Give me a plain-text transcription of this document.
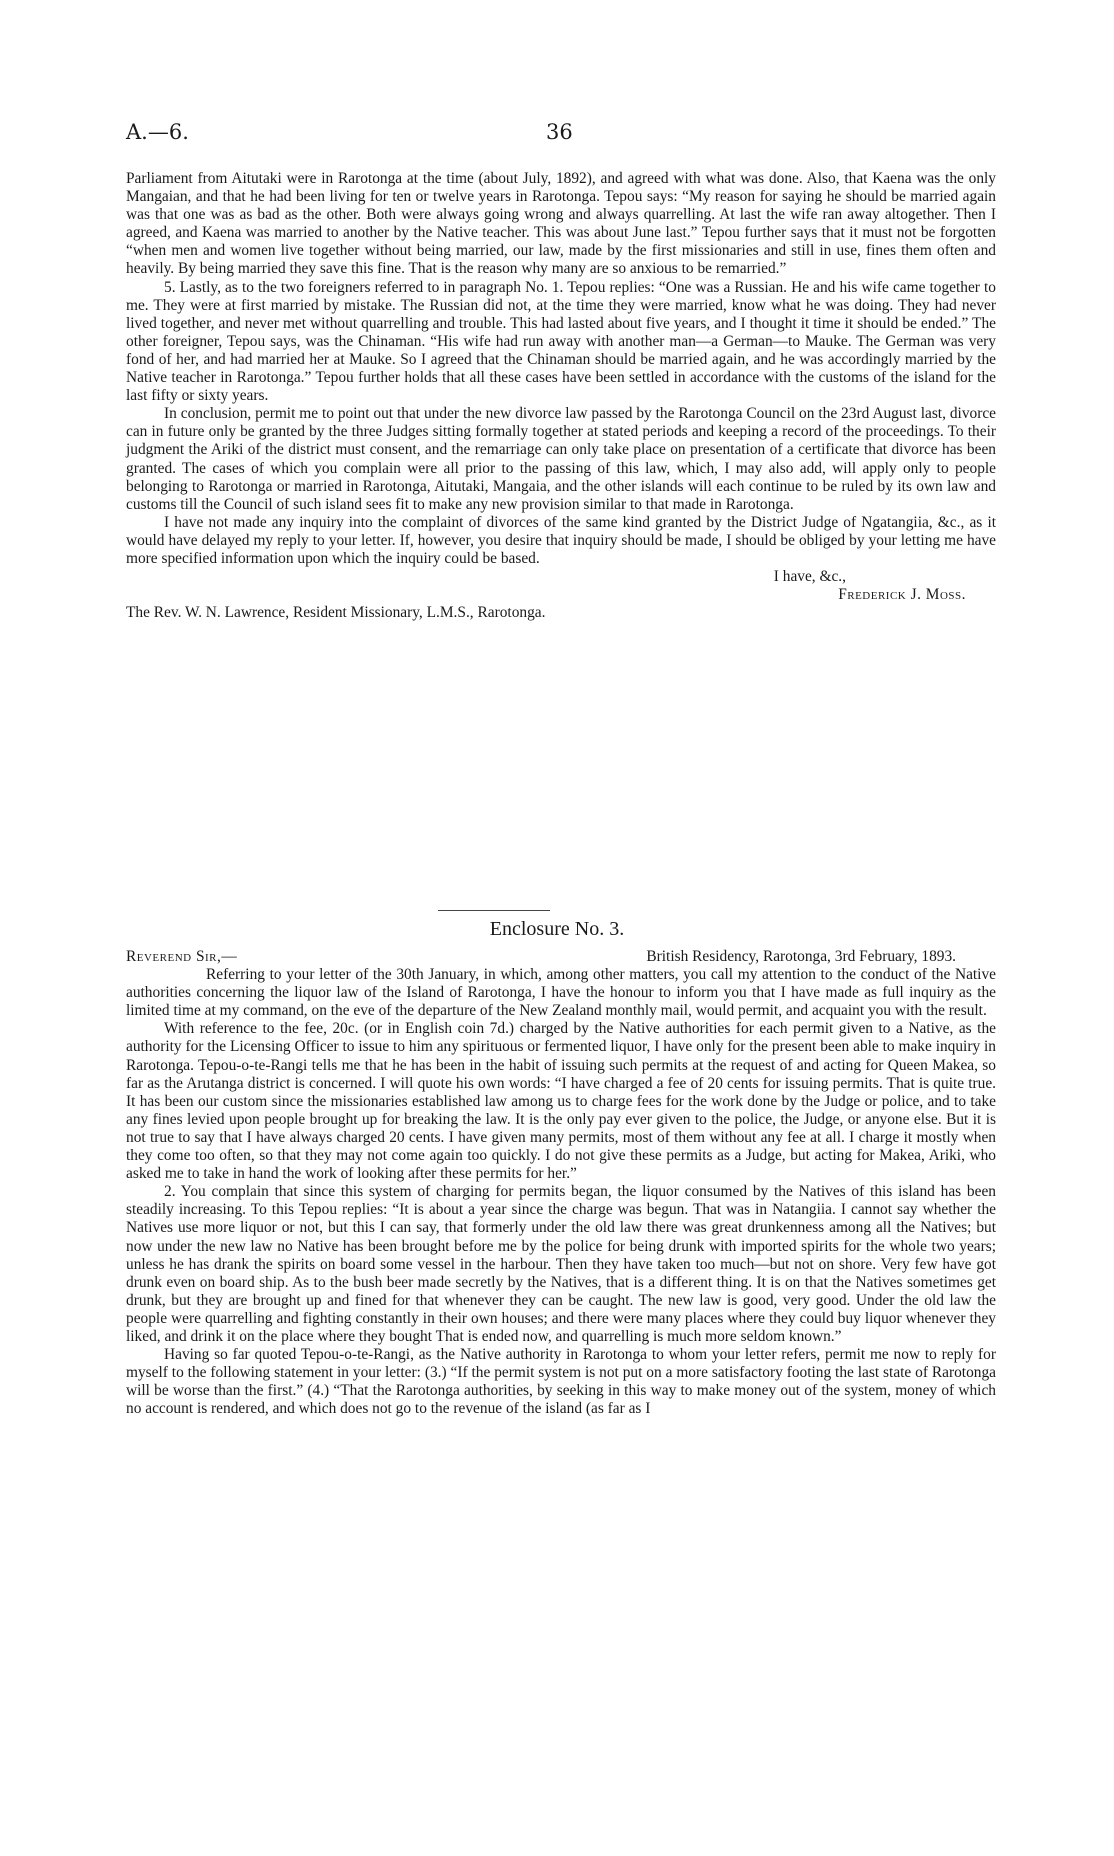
A.—6.	36

Parliament from Aitutaki were in Rarotonga at the time (about July, 1892), and agreed with what was done. Also, that Kaena was the only Mangaian, and that he had been living for ten or twelve years in Rarotonga. Tepou says: “My reason for saying he should be married again was that one was as bad as the other. Both were always going wrong and always quarrelling. At last the wife ran away altogether. Then I agreed, and Kaena was married to another by the Native teacher. This was about June last.” Tepou further says that it must not be forgotten “when men and women live together without being married, our law, made by the first missionaries and still in use, fines them often and heavily. By being married they save this fine. That is the reason why many are so anxious to be remarried.”

5. Lastly, as to the two foreigners referred to in paragraph No. 1. Tepou replies: “One was a Russian. He and his wife came together to me. They were at first married by mistake. The Russian did not, at the time they were married, know what he was doing. They had never lived together, and never met without quarrelling and trouble. This had lasted about five years, and I thought it time it should be ended.” The other foreigner, Tepou says, was the Chinaman. “His wife had run away with another man—a German—to Mauke. The German was very fond of her, and had married her at Mauke. So I agreed that the Chinaman should be married again, and he was accordingly married by the Native teacher in Rarotonga.” Tepou further holds that all these cases have been settled in accordance with the customs of the island for the last fifty or sixty years.

In conclusion, permit me to point out that under the new divorce law passed by the Rarotonga Council on the 23rd August last, divorce can in future only be granted by the three Judges sitting formally together at stated periods and keeping a record of the proceedings. To their judgment the Ariki of the district must consent, and the remarriage can only take place on presentation of a certificate that divorce has been granted. The cases of which you complain were all prior to the passing of this law, which, I may also add, will apply only to people belonging to Rarotonga or married in Rarotonga, Aitutaki, Mangaia, and the other islands will each continue to be ruled by its own law and customs till the Council of such island sees fit to make any new provision similar to that made in Rarotonga.

I have not made any inquiry into the complaint of divorces of the same kind granted by the District Judge of Ngatangiia, &c., as it would have delayed my reply to your letter. If, however, you desire that inquiry should be made, I should be obliged by your letting me have more specified information upon which the inquiry could be based.

I have, &c.,

Frederick J. Moss.

The Rev. W. N. Lawrence, Resident Missionary, L.M.S., Rarotonga.

Enclosure No. 3.
Reverend Sir,—	British Residency, Rarotonga, 3rd February, 1893.

Referring to your letter of the 30th January, in which, among other matters, you call my attention to the conduct of the Native authorities concerning the liquor law of the Island of Rarotonga, I have the honour to inform you that I have made as full inquiry as the limited time at my command, on the eve of the departure of the New Zealand monthly mail, would permit, and acquaint you with the result.

With reference to the fee, 20c. (or in English coin 7d.) charged by the Native authorities for each permit given to a Native, as the authority for the Licensing Officer to issue to him any spirituous or fermented liquor, I have only for the present been able to make inquiry in Rarotonga. Tepou-o-te-Rangi tells me that he has been in the habit of issuing such permits at the request of and acting for Queen Makea, so far as the Arutanga district is concerned. I will quote his own words: “I have charged a fee of 20 cents for issuing permits. That is quite true. It has been our custom since the missionaries established law among us to charge fees for the work done by the Judge or police, and to take any fines levied upon people brought up for breaking the law. It is the only pay ever given to the police, the Judge, or anyone else. But it is not true to say that I have always charged 20 cents. I have given many permits, most of them without any fee at all. I charge it mostly when they come too often, so that they may not come again too quickly. I do not give these permits as a Judge, but acting for Makea, Ariki, who asked me to take in hand the work of looking after these permits for her.”

2. You complain that since this system of charging for permits began, the liquor consumed by the Natives of this island has been steadily increasing. To this Tepou replies: “It is about a year since the charge was begun. That was in Natangiia. I cannot say whether the Natives use more liquor or not, but this I can say, that formerly under the old law there was great drunkenness among all the Natives; but now under the new law no Native has been brought before me by the police for being drunk with imported spirits for the whole two years; unless he has drank the spirits on board some vessel in the harbour. Then they have taken too much—but not on shore. Very few have got drunk even on board ship. As to the bush beer made secretly by the Natives, that is a different thing. It is on that the Natives sometimes get drunk, but they are brought up and fined for that whenever they can be caught. The new law is good, very good. Under the old law the people were quarrelling and fighting constantly in their own houses; and there were many places where they could buy liquor whenever they liked, and drink it on the place where they bought That is ended now, and quarrelling is much more seldom known.”

Having so far quoted Tepou-o-te-Rangi, as the Native authority in Rarotonga to whom your letter refers, permit me now to reply for myself to the following statement in your letter: (3.) “If the permit system is not put on a more satisfactory footing the last state of Rarotonga will be worse than the first.” (4.) “That the Rarotonga authorities, by seeking in this way to make money out of the system, money of which no account is rendered, and which does not go to the revenue of the island (as far as I
